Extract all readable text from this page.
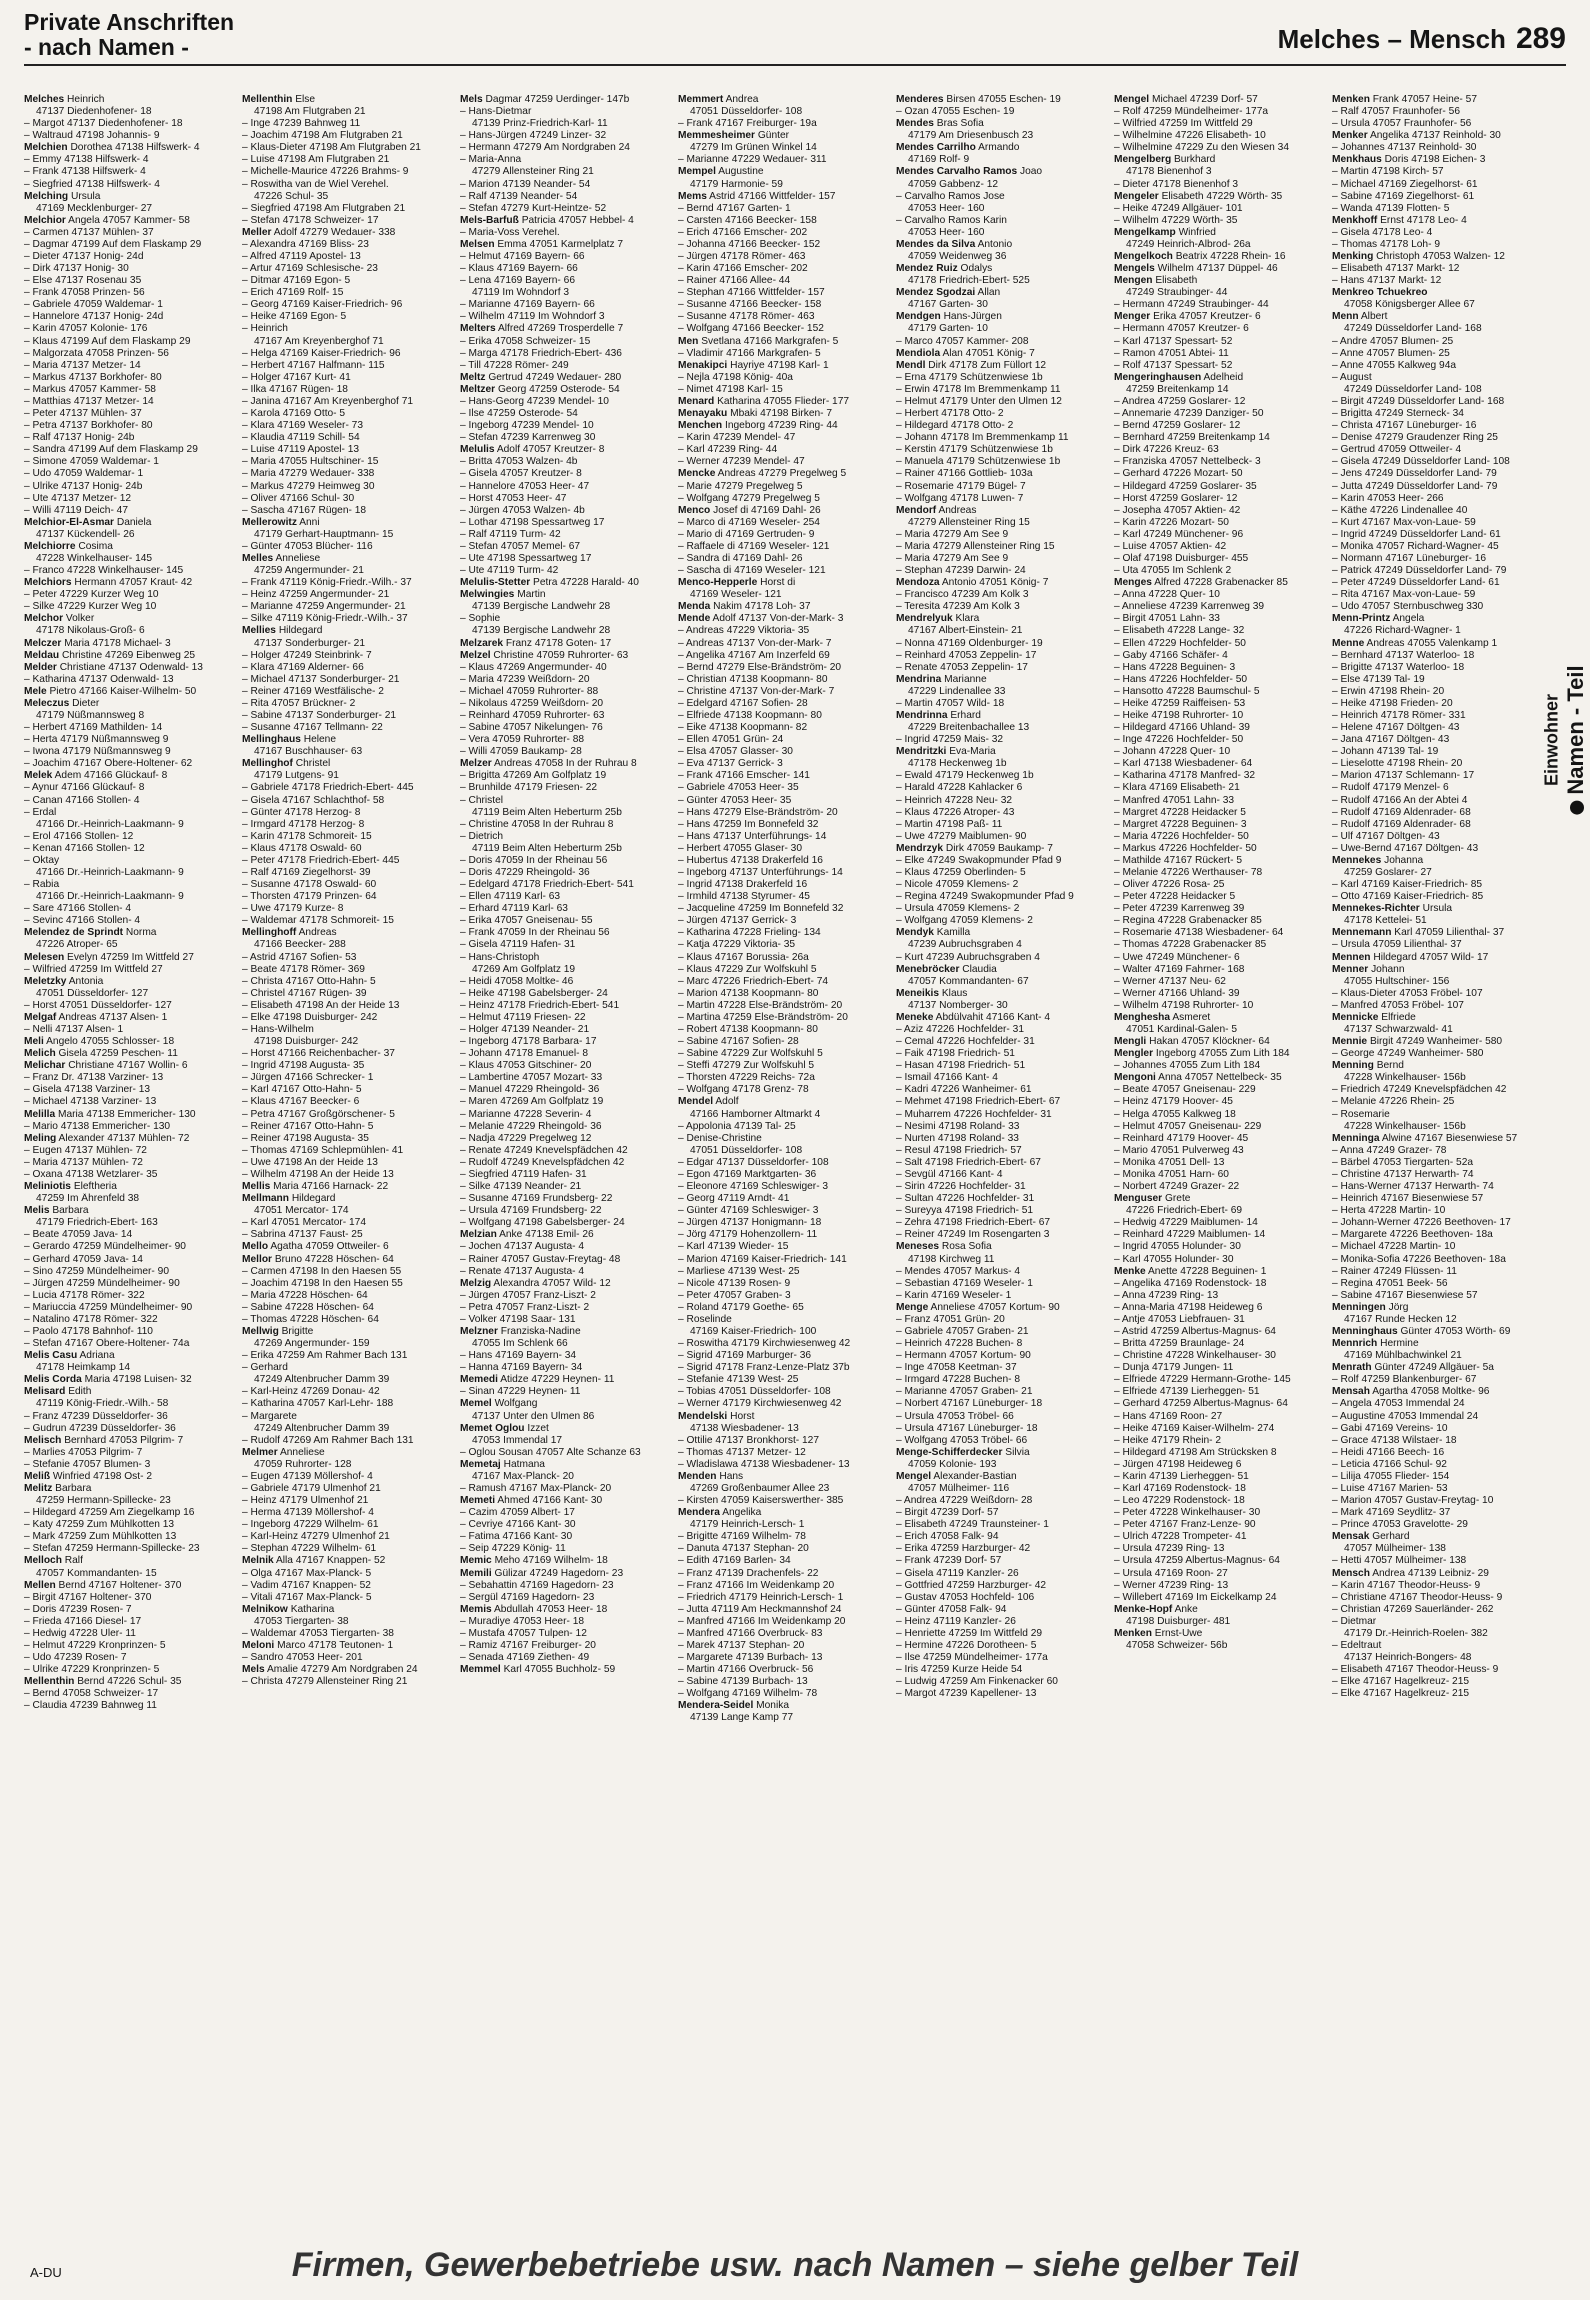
Private Anschriften
- nach Namen -	Melches – Mensch 289
Melches Heinrich
47137 Diedenhofener- 18
– Margot 47137 Diedenhofener- 18
– Waltraud 47198 Johannis- 9
Melchien Dorothea 47138 Hilfswerk- 4
– Emmy 47138 Hilfswerk- 4
– Frank 47138 Hilfswerk- 4
– Siegfried 47138 Hilfswerk- 4
Melching Ursula
47169 Mecklenburger- 27
Melchior Angela 47057 Kammer- 58
– Carmen 47137 Mühlen- 37
– Dagmar 47199 Auf dem Flaskamp 29
– Dieter 47137 Honig- 24d
– Dirk 47137 Honig- 30
– Else 47137 Rosenau 35
– Frank 47058 Prinzen- 56
– Gabriele 47059 Waldemar- 1
– Hannelore 47137 Honig- 24d
– Karin 47057 Kolonie- 176
– Klaus 47199 Auf dem Flaskamp 29
– Malgorzata 47058 Prinzen- 56
– Maria 47137 Metzer- 14
– Markus 47137 Borkhofer- 80
– Markus 47057 Kammer- 58
– Matthias 47137 Metzer- 14
– Peter 47137 Mühlen- 37
– Petra 47137 Borkhofer- 80
– Ralf 47137 Honig- 24b
– Sandra 47199 Auf dem Flaskamp 29
– Simone 47059 Waldemar- 1
– Udo 47059 Waldemar- 1
– Ulrike 47137 Honig- 24b
– Ute 47137 Metzer- 12
– Willi 47119 Deich- 47
Melchior-El-Asmar Daniela
47137 Kückendell- 26
Melchiorre Cosima
47228 Winkelhauser- 145
– Franco 47228 Winkelhauser- 145
Melchiors Hermann 47057 Kraut- 42
– Peter 47229 Kurzer Weg 10
– Silke 47229 Kurzer Weg 10
Melchor Volker
47178 Nikolaus-Groß- 6
Melczer Maria 47178 Michael- 3
Meldau Christine 47269 Eibenweg 25
Melder Christiane 47137 Odenwald- 13
– Katharina 47137 Odenwald- 13
Mele Pietro 47166 Kaiser-Wilhelm- 50
Meleczus Dieter
47179 Nüßmannsweg 8
– Herbert 47169 Mathilden- 14
– Herta 47179 Nüßmannsweg 9
– Iwona 47179 Nüßmannsweg 9
– Joachim 47167 Obere-Holtener- 62
Melek Adem 47166 Glückauf- 8
– Aynur 47166 Glückauf- 8
– Canan 47166 Stollen- 4
– Erdal
47166 Dr.-Heinrich-Laakmann- 9
– Erol 47166 Stollen- 12
– Kenan 47166 Stollen- 12
– Oktay
47166 Dr.-Heinrich-Laakmann- 9
– Rabia
47166 Dr.-Heinrich-Laakmann- 9
– Sare 47166 Stollen- 4
– Sevinc 47166 Stollen- 4
Melendez de Sprindt Norma
47226 Atroper- 65
Melesen Evelyn 47259 Im Wittfeld 27
– Wilfried 47259 Im Wittfeld 27
Meletzky Antonia
47051 Düsseldorfer- 127
– Horst 47051 Düsseldorfer- 127
Melgaf Andreas 47137 Alsen- 1
– Nelli 47137 Alsen- 1
Meli Angelo 47055 Schlosser- 18
Melich Gisela 47259 Peschen- 11
Melichar Christiane 47167 Wollin- 6
– Franz Dr. 47138 Varziner- 13
– Gisela 47138 Varziner- 13
– Michael 47138 Varziner- 13
Melilla Maria 47138 Emmericher- 130
– Mario 47138 Emmericher- 130
Meling Alexander 47137 Mühlen- 72
– Eugen 47137 Mühlen- 72
– Maria 47137 Mühlen- 72
– Oxana 47138 Wetzlarer- 35
Meliniotis Eleftheria
47259 Im Ährenfeld 38
Melis Barbara
47179 Friedrich-Ebert- 163
– Beate 47059 Java- 14
– Gerardo 47259 Mündelheimer- 90
– Gerhard 47059 Java- 14
– Sino 47259 Mündelheimer- 90
– Jürgen 47259 Mündelheimer- 90
– Lucia 47178 Römer- 322
– Mariuccia 47259 Mündelheimer- 90
– Natalino 47178 Römer- 322
– Paolo 47178 Bahnhof- 110
– Stefan 47167 Obere-Holtener- 74a
Melis Casu Adriana
47178 Heimkamp 14
Melis Corda Maria 47198 Luisen- 32
Melisard Edith
47119 König-Friedr.-Wilh.- 58
– Franz 47239 Düsseldorfer- 36
– Gudrun 47239 Düsseldorfer- 36
Melisch Bernhard 47053 Pilgrim- 7
– Marlies 47053 Pilgrim- 7
– Stefanie 47057 Blumen- 3
Meliß Winfried 47198 Ost- 2
Melitz Barbara
47259 Hermann-Spillecke- 23
– Hildegard 47259 Am Ziegelkamp 16
– Katy 47259 Zum Mühlkotten 13
– Mark 47259 Zum Mühlkotten 13
– Stefan 47259 Hermann-Spillecke- 23
Melloch Ralf
47057 Kommandanten- 15
Mellen Bernd 47167 Holtener- 370
– Birgit 47167 Holtener- 370
– Doris 47239 Rosen- 7
– Frieda 47166 Diesel- 17
– Hedwig 47228 Uler- 11
– Helmut 47229 Kronprinzen- 5
– Udo 47239 Rosen- 7
– Ulrike 47229 Kronprinzen- 5
Mellenthin Bernd 47226 Schul- 35
– Bernd 47058 Schweizer- 17
– Claudia 47239 Bahnweg 11
Mellenthin Else
47198 Am Flutgraben 21
– Inge 47239 Bahnweg 11
– Joachim 47198 Am Flutgraben 21
– Klaus-Dieter 47198 Am Flutgraben 21
– Luise 47198 Am Flutgraben 21
– Michelle-Maurice 47226 Brahms- 9
– Roswitha van de Wiel Verehel.
47226 Schul- 35
– Siegfried 47198 Am Flutgraben 21
– Stefan 47178 Schweizer- 17
Meller Adolf 47279 Wedauer- 338
– Alexandra 47169 Bliss- 23
– Alfred 47119 Apostel- 13
– Artur 47169 Schlesische- 23
– Ditmar 47169 Egon- 5
– Erich 47169 Rolf- 15
– Georg 47169 Kaiser-Friedrich- 96
– Heike 47169 Egon- 5
– Heinrich
47167 Am Kreyenberghof 71
– Helga 47169 Kaiser-Friedrich- 96
– Herbert 47167 Halfmann- 115
– Holger 47167 Kurt- 41
– Ilka 47167 Rügen- 18
– Janina 47167 Am Kreyenberghof 71
– Karola 47169 Otto- 5
– Klara 47169 Weseler- 73
– Klaudia 47119 Schill- 54
– Luise 47119 Apostel- 13
– Maria 47055 Hultschiner- 15
– Maria 47279 Wedauer- 338
– Markus 47279 Heimweg 30
– Oliver 47166 Schul- 30
– Sascha 47167 Rügen- 18
Mellerowitz Anni
47179 Gerhart-Hauptmann- 15
– Günter 47053 Blücher- 116
Melles Anneliese
47259 Angermunder- 21
– Frank 47119 König-Friedr.-Wilh.- 37
– Heinz 47259 Angermunder- 21
– Marianne 47259 Angermunder- 21
– Silke 47119 König-Friedr.-Wilh.- 37
Mellies Hildegard
47137 Sonderburger- 21
– Holger 47249 Steinbrink- 7
– Klara 47169 Alderner- 66
– Michael 47137 Sonderburger- 21
– Reiner 47169 Westfälische- 2
– Rita 47057 Brückner- 2
– Sabine 47137 Sonderburger- 21
– Susanne 47167 Tellmann- 22
Mellinghaus Helene
47167 Buschhauser- 63
Mellinghof Christel
47179 Lutgens- 91
– Gabriele 47178 Friedrich-Ebert- 445
– Gisela 47167 Schlachthof- 58
– Günter 47178 Herzog- 8
– Irmgard 47178 Herzog- 8
– Karin 47178 Schmoreit- 15
– Klaus 47178 Oswald- 60
– Peter 47178 Friedrich-Ebert- 445
– Ralf 47169 Ziegelhorst- 39
– Susanne 47178 Oswald- 60
– Thorsten 47179 Prinzen- 64
– Uwe 47179 Kurze- 8
– Waldemar 47178 Schmoreit- 15
Mellinghoff Andreas
47166 Beecker- 288
– Astrid 47167 Sofien- 53
– Beate 47178 Römer- 369
– Christa 47167 Otto-Hahn- 5
– Christel 47167 Rügen- 39
– Elisabeth 47198 An der Heide 13
– Elke 47198 Duisburger- 242
– Hans-Wilhelm
47198 Duisburger- 242
– Horst 47166 Reichenbacher- 37
– Ingrid 47198 Augusta- 35
– Jürgen 47166 Schrecker- 1
– Karl 47167 Otto-Hahn- 5
– Klaus 47167 Beecker- 6
– Petra 47167 Großgörschener- 5
– Reiner 47167 Otto-Hahn- 5
– Reiner 47198 Augusta- 35
– Thomas 47169 Schlepmühlen- 41
– Uwe 47198 An der Heide 13
– Wilhelm 47198 An der Heide 13
Mellis Maria 47166 Harnack- 22
Mellmann Hildegard
47051 Mercator- 174
– Karl 47051 Mercator- 174
– Sabrina 47137 Faust- 25
Mello Agatha 47059 Ottweiler- 6
Mellor Bruno 47228 Höschen- 64
– Carmen 47198 In den Haesen 55
– Joachim 47198 In den Haesen 55
– Maria 47228 Höschen- 64
– Sabine 47228 Höschen- 64
– Thomas 47228 Höschen- 64
Mellwig Brigitte
47269 Angermunder- 159
– Erika 47259 Am Rahmer Bach 131
– Gerhard
47249 Altenbrucher Damm 39
– Karl-Heinz 47269 Donau- 42
– Katharina 47057 Karl-Lehr- 188
– Margarete
47249 Altenbrucher Damm 39
– Rudolf 47269 Am Rahmer Bach 131
Melmer Anneliese
47059 Ruhrorter- 128
– Eugen 47139 Möllershof- 4
– Gabriele 47179 Ulmenhof 21
– Heinz 47179 Ulmenhof 21
– Herma 47139 Möllershof- 4
– Ingeborg 47229 Wilhelm- 61
– Karl-Heinz 47279 Ulmenhof 21
– Stephan 47229 Wilhelm- 61
Melnik Alla 47167 Knappen- 52
– Olga 47167 Max-Planck- 5
– Vadim 47167 Knappen- 52
– Vitali 47167 Max-Planck- 5
Melnikow Katharina
47053 Tiergarten- 38
– Waldemar 47053 Tiergarten- 38
Meloni Marco 47178 Teutonen- 1
– Sandro 47053 Heer- 201
Mels Amalie 47279 Am Nordgraben 24
– Christa 47279 Allensteiner Ring 21
Mels Dagmar 47259 Uerdinger- 147b
– Hans-Dietmar
47139 Prinz-Friedrich-Karl- 11
– Hans-Jürgen 47249 Linzer- 32
– Hermann 47279 Am Nordgraben 24
– Maria-Anna
47279 Allensteiner Ring 21
– Marion 47139 Neander- 54
– Ralf 47139 Neander- 54
– Stefan 47279 Kurt-Heintze- 52
Mels-Barfuß Patricia 47057 Hebbel- 4
– Maria-Voss Verehel.
Melsen Emma 47051 Karmelplatz 7
– Helmut 47169 Bayern- 66
– Klaus 47169 Bayern- 66
– Lena 47169 Bayern- 66
47119 Im Wohndorf 3
– Marianne 47169 Bayern- 66
– Wilhelm 47119 Im Wohndorf 3
Melters Alfred 47269 Trosperdelle 7
– Erika 47058 Schweizer- 15
– Marga 47178 Friedrich-Ebert- 436
– Till 47228 Römer- 249
Meltz Gertrud 47249 Wedauer- 280
Meltzer Georg 47259 Osterode- 54
– Hans-Georg 47239 Mendel- 10
– Ilse 47259 Osterode- 54
– Ingeborg 47239 Mendel- 10
– Stefan 47239 Karrenweg 30
Melulis Adolf 47057 Kreutzer- 8
– Britta 47053 Walzen- 4b
– Gisela 47057 Kreutzer- 8
– Hannelore 47053 Heer- 47
– Horst 47053 Heer- 47
– Jürgen 47053 Walzen- 4b
– Lothar 47198 Spessartweg 17
– Ralf 47119 Turm- 42
– Stefan 47057 Memel- 67
– Ute 47198 Spessartweg 17
– Ute 47119 Turm- 42
Melulis-Stetter Petra 47228 Harald- 40
Melwingies Martin
47139 Bergische Landwehr 28
– Sophie
47139 Bergische Landwehr 28
Melzarek Franz 47178 Goten- 17
Melzel Christine 47059 Ruhrorter- 63
– Klaus 47269 Angermunder- 40
– Maria 47239 Weißdorn- 20
– Michael 47059 Ruhrorter- 88
– Nikolaus 47259 Weißdorn- 20
– Reinhard 47059 Ruhrorter- 63
– Sabine 47057 Nikelungen- 76
– Vera 47059 Ruhrorter- 88
– Willi 47059 Baukamp- 28
Melzer Andreas 47058 In der Ruhrau 8
– Brigitta 47269 Am Golfplatz 19
– Brunhilde 47179 Friesen- 22
– Christel
47119 Beim Alten Heberturm 25b
– Christine 47058 In der Ruhrau 8
– Dietrich
47119 Beim Alten Heberturm 25b
– Doris 47059 In der Rheinau 56
– Doris 47229 Rheingold- 36
– Edelgard 47178 Friedrich-Ebert- 541
– Ellen 47119 Karl- 63
– Erhard 47119 Karl- 63
– Erika 47057 Gneisenau- 55
– Frank 47059 In der Rheinau 56
– Gisela 47119 Hafen- 31
– Hans-Christoph
47269 Am Golfplatz 19
– Heidi 47058 Moltke- 46
– Heike 47198 Gabelsberger- 24
– Heinz 47178 Friedrich-Ebert- 541
– Helmut 47119 Friesen- 22
– Holger 47139 Neander- 21
– Ingeborg 47178 Barbara- 17
– Johann 47178 Emanuel- 8
– Klaus 47053 Gitschiner- 20
– Lambertine 47057 Mozart- 33
– Manuel 47229 Rheingold- 36
– Maren 47269 Am Golfplatz 19
– Marianne 47228 Severin- 4
– Melanie 47229 Rheingold- 36
– Nadja 47229 Pregelweg 12
– Renate 47249 Knevelspfädchen 42
– Rudolf 47249 Knevelspfädchen 42
– Siegfried 47119 Hafen- 31
– Silke 47139 Neander- 21
– Susanne 47169 Frundsberg- 22
– Ursula 47169 Frundsberg- 22
– Wolfgang 47198 Gabelsberger- 24
Melzian Anke 47138 Emil- 26
– Jochen 47137 Augusta- 4
– Rainer 47057 Gustav-Freytag- 48
– Renate 47137 Augusta- 4
Melzig Alexandra 47057 Wild- 12
– Jürgen 47057 Franz-Liszt- 2
– Petra 47057 Franz-Liszt- 2
– Volker 47198 Saar- 131
Melzner Franziska-Nadine
47055 Im Schlenk 66
– Hans 47169 Bayern- 34
– Hanna 47169 Bayern- 34
Memedi Atidze 47229 Heynen- 11
– Sinan 47229 Heynen- 11
Memel Wolfgang
47137 Unter den Ulmen 86
Memet Oglou Izzet
47053 Immendal 17
– Oglou Sousan 47057 Alte Schanze 63
Memetaj Hatmana
47167 Max-Planck- 20
– Ramush 47167 Max-Planck- 20
Memeti Ahmed 47166 Kant- 30
– Cazim 47059 Albert- 17
– Cevriye 47166 Kant- 30
– Fatima 47166 Kant- 30
– Seip 47229 König- 11
Memic Meho 47169 Wilhelm- 18
Memili Gülizar 47249 Hagedorn- 23
– Sebahattin 47169 Hagedorn- 23
– Sergül 47169 Hagedorn- 23
Memis Abdullah 47053 Heer- 18
– Muradiye 47053 Heer- 18
– Mustafa 47057 Tulpen- 12
– Ramiz 47167 Freiburger- 20
– Senada 47169 Ziethen- 49
Memmel Karl 47055 Buchholz- 59
Memmert Andrea
47051 Düsseldorfer- 108
– Frank 47167 Freiburger- 19a
Memmesheimer Günter
47279 Im Grünen Winkel 14
– Marianne 47229 Wedauer- 311
Mempel Augustine
47179 Harmonie- 59
Mems Astrid 47166 Wittfelder- 157
– Bernd 47167 Garten- 1
– Carsten 47166 Beecker- 158
– Erich 47166 Emscher- 202
– Johanna 47166 Beecker- 152
– Jürgen 47178 Römer- 463
– Karin 47166 Emscher- 202
– Rainer 47166 Allee- 44
– Stephan 47166 Wittfelder- 157
– Susanne 47166 Beecker- 158
– Susanne 47178 Römer- 463
– Wolfgang 47166 Beecker- 152
Men Svetlana 47166 Markgrafen- 5
– Vladimir 47166 Markgrafen- 5
Menakipci Hayriye 47198 Karl- 1
– Nejla 47198 König- 40a
– Nimet 47198 Karl- 15
Menard Katharina 47055 Flieder- 177
Menayaku Mbaki 47198 Birken- 7
Menchen Ingeborg 47239 Ring- 44
– Karin 47239 Mendel- 47
– Karl 47239 Ring- 44
– Werner 47239 Mendel- 47
Mencke Andreas 47279 Pregelweg 5
– Marie 47279 Pregelweg 5
– Wolfgang 47279 Pregelweg 5
Menco Josef di 47169 Dahl- 26
– Marco di 47169 Weseler- 254
– Mario di 47169 Gertruden- 9
– Raffaele di 47169 Weseler- 121
– Sandra di 47169 Dahl- 26
– Sascha di 47169 Weseler- 121
Menco-Hepperle Horst di
47169 Weseler- 121
Menda Nakim 47178 Loh- 37
Mende Adolf 47137 Von-der-Mark- 3
– Andreas 47229 Viktoria- 35
– Andreas 47137 Von-der-Mark- 7
– Angelika 47167 Am Inzerfeld 69
– Bernd 47279 Else-Brändström- 20
– Christian 47138 Koopmann- 80
– Christine 47137 Von-der-Mark- 7
– Edelgard 47167 Sofien- 28
– Elfriede 47138 Koopmann- 80
– Eike 47138 Koopmann- 82
– Ellen 47051 Grün- 24
– Elsa 47057 Glasser- 30
– Eva 47137 Gerrick- 3
– Frank 47166 Emscher- 141
– Gabriele 47053 Heer- 35
– Günter 47053 Heer- 35
– Hans 47279 Else-Brändström- 20
– Hans 47259 Im Bonnefeld 32
– Hans 47137 Unterführungs- 14
– Herbert 47055 Glaser- 30
– Hubertus 47138 Drakerfeld 16
– Ingeborg 47137 Unterführungs- 14
– Ingrid 47138 Drakerfeld 16
– Irmhild 47138 Styrumer- 45
– Jacqueline 47259 Im Bonnefeld 32
– Jürgen 47137 Gerrick- 3
– Katharina 47228 Frieling- 134
– Katja 47229 Viktoria- 35
– Klaus 47167 Borussia- 26a
– Klaus 47229 Zur Wolfskuhl 5
– Marc 47226 Friedrich-Ebert- 74
– Marion 47138 Koopmann- 80
– Martin 47228 Else-Brändström- 20
– Martina 47259 Else-Brändström- 20
– Robert 47138 Koopmann- 80
– Sabine 47167 Sofien- 28
– Sabine 47229 Zur Wolfskuhl 5
– Steffi 47279 Zur Wolfskuhl 5
– Thorsten 47229 Reichs- 72a
– Wolfgang 47178 Grenz- 78
Mendel Adolf
47166 Hamborner Altmarkt 4
– Appolonia 47139 Tal- 25
– Denise-Christine
47051 Düsseldorfer- 108
– Edgar 47137 Düsseldorfer- 108
– Egon 47169 Marktgarten- 36
– Eleonore 47169 Schleswiger- 3
– Georg 47119 Arndt- 41
– Günter 47169 Schleswiger- 3
– Jürgen 47137 Honigmann- 18
– Jörg 47179 Hohenzollern- 11
– Karl 47139 Wieder- 15
– Marion 47169 Kaiser-Friedrich- 141
– Marliese 47139 West- 25
– Nicole 47139 Rosen- 9
– Peter 47057 Graben- 3
– Roland 47179 Goethe- 65
– Roselinde
47169 Kaiser-Friedrich- 100
– Roswitha 47179 Kirchwiesenweg 42
– Sigrid 47169 Marburger- 36
– Sigrid 47178 Franz-Lenze-Platz 37b
– Stefanie 47139 West- 25
– Tobias 47051 Düsseldorfer- 108
– Werner 47179 Kirchwiesenweg 42
Mendelski Horst
47138 Wiesbadener- 13
– Ottilie 47137 Bronkhorst- 127
– Thomas 47137 Metzer- 12
– Wladislawa 47138 Wiesbadener- 13
Menden Hans
47269 Großenbaumer Allee 23
– Kirsten 47059 Kaiserswerther- 385
Mendera Angelika
47179 Heinrich-Lersch- 1
– Brigitte 47169 Wilhelm- 78
– Danuta 47137 Stephan- 20
– Edith 47169 Barlen- 34
– Franz 47139 Drachenfels- 22
– Franz 47166 Im Weidenkamp 20
– Friedrich 47179 Heinrich-Lersch- 1
– Jutta 47119 Am Heckmannshof 24
– Manfred 47166 Im Weidenkamp 20
– Manfred 47166 Overbruck- 83
– Marek 47137 Stephan- 20
– Margarete 47139 Burbach- 13
– Martin 47166 Overbruck- 56
– Sabine 47139 Burbach- 13
– Wolfgang 47169 Wilhelm- 78
Mendera-Seidel Monika
47139 Lange Kamp 77
Menderes Birsen 47055 Eschen- 19
– Ozan 47055 Eschen- 19
Mendes Bras Sofia
47179 Am Driesenbusch 23
Mendes Carrilho Armando
47169 Rolf- 9
Mendes Carvalho Ramos Joao
47059 Gabbenz- 12
– Carvalho Ramos Jose
47053 Heer- 160
– Carvalho Ramos Karin
47053 Heer- 160
Mendes da Silva Antonio
47059 Weidenweg 36
Mendez Ruiz Odalys
47178 Friedrich-Ebert- 525
Mendez Sgodzai Allan
47167 Garten- 30
Mendgen Hans-Jürgen
47179 Garten- 10
– Marco 47057 Kammer- 208
Mendiola Alan 47051 König- 7
Mendl Dirk 47178 Zum Füllort 12
– Erna 47179 Schützenwiese 1b
– Erwin 47178 Im Bremmenkamp 11
– Helmut 47179 Unter den Ulmen 12
– Herbert 47178 Otto- 2
– Hildegard 47178 Otto- 2
– Johann 47178 Im Bremmenkamp 11
– Kerstin 47179 Schützenwiese 1b
– Manuela 47179 Schützenwiese 1b
– Rainer 47166 Gottlieb- 103a
– Rosemarie 47179 Bügel- 7
– Wolfgang 47178 Luwen- 7
Mendorf Andreas
47279 Allensteiner Ring 15
– Maria 47279 Am See 9
– Maria 47279 Allensteiner Ring 15
– Maria 47279 Am See 9
– Stephan 47239 Darwin- 24
Mendoza Antonio 47051 König- 7
– Francisco 47239 Am Kolk 3
– Teresita 47239 Am Kolk 3
Mendrelyuk Klara
47167 Albert-Einstein- 21
– Nonna 47169 Oldenburger- 19
– Reinhard 47053 Zeppelin- 17
– Renate 47053 Zeppelin- 17
Mendrina Marianne
47229 Lindenallee 33
– Martin 47057 Wild- 18
Mendrinna Erhard
47229 Breitenbachallee 13
– Ingrid 47259 Mais- 32
Mendritzki Eva-Maria
47178 Heckenweg 1b
– Ewald 47179 Heckenweg 1b
– Harald 47228 Kahlacker 6
– Heinrich 47228 Neu- 32
– Klaus 47226 Atroper- 43
– Martin 47198 Paß- 11
– Uwe 47279 Maiblumen- 90
Mendrzyk Dirk 47059 Baukamp- 7
– Elke 47249 Swakopmunder Pfad 9
– Klaus 47259 Oberlinden- 5
– Nicole 47059 Klemens- 2
– Regina 47249 Swakopmunder Pfad 9
– Ursula 47059 Klemens- 2
– Wolfgang 47059 Klemens- 2
Mendyk Kamilla
47239 Aubruchsgraben 4
– Kurt 47239 Aubruchsgraben 4
Menebröcker Claudia
47057 Kommandanten- 67
Meneikis Klaus
47137 Nomberger- 30
Meneke Abdülvahit 47166 Kant- 4
– Aziz 47226 Hochfelder- 31
– Cemal 47226 Hochfelder- 31
– Faik 47198 Friedrich- 51
– Hasan 47198 Friedrich- 51
– Ismail 47166 Kant- 4
– Kadri 47226 Wanheimer- 61
– Mehmet 47198 Friedrich-Ebert- 67
– Muharrem 47226 Hochfelder- 31
– Nesimi 47198 Roland- 33
– Nurten 47198 Roland- 33
– Resul 47198 Friedrich- 57
– Salt 47198 Friedrich-Ebert- 67
– Sevgül 47166 Kant- 4
– Sirin 47226 Hochfelder- 31
– Sultan 47226 Hochfelder- 31
– Sureyya 47198 Friedrich- 51
– Zehra 47198 Friedrich-Ebert- 67
– Reiner 47249 Im Rosengarten 3
Meneses Rosa Sofia
47198 Kirchweg 11
– Mendes 47057 Markus- 4
– Sebastian 47169 Weseler- 1
– Karin 47169 Weseler- 1
Menge Anneliese 47057 Kortum- 90
– Franz 47051 Grün- 20
– Gabriele 47057 Graben- 21
– Heinrich 47228 Buchen- 8
– Hermann 47057 Kortum- 90
– Inge 47058 Keetman- 37
– Irmgard 47228 Buchen- 8
– Marianne 47057 Graben- 21
– Norbert 47167 Lüneburger- 18
– Ursula 47053 Tröbel- 66
– Ursula 47167 Lüneburger- 18
– Wolfgang 47053 Tröbel- 66
Menge-Schifferdecker Silvia
47059 Kolonie- 193
Mengel Alexander-Bastian
47057 Mülheimer- 116
– Andrea 47229 Weißdorn- 28
– Birgit 47239 Dorf- 57
– Elisabeth 47249 Traunsteiner- 1
– Erich 47058 Falk- 94
– Erika 47259 Harzburger- 42
– Frank 47239 Dorf- 57
– Gisela 47119 Kanzler- 26
– Gottfried 47259 Harzburger- 42
– Gustav 47053 Hochfeld- 106
– Günter 47058 Falk- 94
– Heinz 47119 Kanzler- 26
– Henriette 47259 Im Wittfeld 29
– Hermine 47226 Dorotheen- 5
– Ilse 47259 Mündelheimer- 177a
– Iris 47259 Kurze Heide 54
– Ludwig 47259 Am Finkenacker 60
– Margot 47239 Kapellener- 13
Mengel Michael 47239 Dorf- 57
– Rolf 47259 Mündelheimer- 177a
– Wilfried 47259 Im Wittfeld 29
– Wilhelmine 47226 Elisabeth- 10
– Wilhelmine 47229 Zu den Wiesen 34
Mengelberg Burkhard
47178 Bienenhof 3
– Dieter 47178 Bienenhof 3
Mengeler Elisabeth 47229 Wörth- 35
– Heike 47249 Allgäuer- 101
– Wilhelm 47229 Wörth- 35
Mengelkamp Winfried
47249 Heinrich-Albrod- 26a
Mengelkoch Beatrix 47228 Rhein- 16
Mengels Wilhelm 47137 Düppel- 46
Mengen Elisabeth
47249 Straubinger- 44
– Hermann 47249 Straubinger- 44
Menger Erika 47057 Kreutzer- 6
– Hermann 47057 Kreutzer- 6
– Karl 47137 Spessart- 52
– Ramon 47051 Abtei- 11
– Rolf 47137 Spessart- 52
Mengeringhausen Adelheid
47259 Breitenkamp 14
– Andrea 47259 Goslarer- 12
– Annemarie 47239 Danziger- 50
– Bernd 47259 Goslarer- 12
– Bernhard 47259 Breitenkamp 14
– Dirk 47226 Kreuz- 63
– Franziska 47057 Nettelbeck- 3
– Gerhard 47226 Mozart- 50
– Hildegard 47259 Goslarer- 35
– Horst 47259 Goslarer- 12
– Josepha 47057 Aktien- 42
– Karin 47226 Mozart- 50
– Karl 47249 Münchener- 96
– Luise 47057 Aktien- 42
– Olaf 47198 Duisburger- 455
– Uta 47055 Im Schlenk 2
Menges Alfred 47228 Grabenacker 85
– Anna 47228 Quer- 10
– Anneliese 47239 Karrenweg 39
– Birgit 47051 Lahn- 33
– Elisabeth 47228 Lange- 32
– Ellen 47229 Hochfelder- 50
– Gaby 47166 Schäfer- 4
– Hans 47228 Beguinen- 3
– Hans 47226 Hochfelder- 50
– Hansotto 47228 Baumschul- 5
– Heike 47259 Raiffeisen- 53
– Heike 47198 Ruhrorter- 10
– Hildegard 47166 Uhland- 39
– Inge 47226 Hochfelder- 50
– Johann 47228 Quer- 10
– Karl 47138 Wiesbadener- 64
– Katharina 47178 Manfred- 32
– Klara 47169 Elisabeth- 21
– Manfred 47051 Lahn- 33
– Margret 47228 Heidacker 5
– Margret 47228 Beguinen- 3
– Maria 47226 Hochfelder- 50
– Markus 47226 Hochfelder- 50
– Mathilde 47167 Rückert- 5
– Melanie 47226 Werthauser- 78
– Oliver 47226 Rosa- 25
– Peter 47228 Heidacker 5
– Peter 47239 Karrenweg 39
– Regina 47228 Grabenacker 85
– Rosemarie 47138 Wiesbadener- 64
– Thomas 47228 Grabenacker 85
– Uwe 47249 Münchener- 6
– Walter 47169 Fahrner- 168
– Werner 47137 Neu- 62
– Werner 47166 Uhland- 39
– Wilhelm 47198 Ruhrorter- 10
Menghesha Asmeret
47051 Kardinal-Galen- 5
Mengli Hakan 47057 Klöckner- 64
Mengler Ingeborg 47055 Zum Lith 184
– Johannes 47055 Zum Lith 184
Mengoni Anna 47057 Nettelbeck- 35
– Beate 47057 Gneisenau- 229
– Heinz 47179 Hoover- 45
– Helga 47055 Kalkweg 18
– Helmut 47057 Gneisenau- 229
– Reinhard 47179 Hoover- 45
– Mario 47051 Pulverweg 43
– Monika 47051 Dell- 13
– Monika 47051 Harn- 60
– Norbert 47249 Grazer- 22
Menguser Grete
47226 Friedrich-Ebert- 69
– Hedwig 47229 Maiblumen- 14
– Reinhard 47229 Maiblumen- 14
– Ingrid 47055 Holunder- 30
– Karl 47055 Holunder- 30
Menke Anette 47228 Beguinen- 1
– Angelika 47169 Rodenstock- 18
– Anna 47239 Ring- 13
– Anna-Maria 47198 Heideweg 6
– Antje 47053 Liebfrauen- 31
– Astrid 47259 Albertus-Magnus- 64
– Britta 47259 Braunlage- 24
– Christine 47228 Winkelhauser- 30
– Dunja 47179 Jungen- 11
– Elfriede 47229 Hermann-Grothe- 145
– Elfriede 47139 Lierheggen- 51
– Gerhard 47259 Albertus-Magnus- 64
– Hans 47169 Roon- 27
– Heike 47169 Kaiser-Wilhelm- 274
– Heike 47179 Rhein- 2
– Hildegard 47198 Am Strücksken 8
– Jürgen 47198 Heideweg 6
– Karin 47139 Lierheggen- 51
– Karl 47169 Rodenstock- 18
– Leo 47229 Rodenstock- 18
– Peter 47228 Winkelhauser- 30
– Peter 47167 Franz-Lenze- 90
– Ulrich 47228 Trompeter- 41
– Ursula 47239 Ring- 13
– Ursula 47259 Albertus-Magnus- 64
– Ursula 47169 Roon- 27
– Werner 47239 Ring- 13
– Willebert 47169 Im Eickelkamp 24
Menke-Hopf Anke
47198 Duisburger- 481
Menken Ernst-Uwe
47058 Schweizer- 56b
Menken Frank 47057 Heine- 57
– Ralf 47057 Fraunhofer- 56
– Ursula 47057 Fraunhofer- 56
Menker Angelika 47137 Reinhold- 30
– Johannes 47137 Reinhold- 30
Menkhaus Doris 47198 Eichen- 3
– Martin 47198 Kirch- 57
– Michael 47169 Ziegelhorst- 61
– Sabine 47169 Ziegelhorst- 61
– Wanda 47139 Flotten- 5
Menkhoff Ernst 47178 Leo- 4
– Gisela 47178 Leo- 4
– Thomas 47178 Loh- 9
Menking Christoph 47053 Walzen- 12
– Elisabeth 47137 Markt- 12
– Hans 47137 Markt- 12
Menkreo Tchuekreo
47058 Königsberger Allee 67
Menn Albert
47249 Düsseldorfer Land- 168
– Andre 47057 Blumen- 25
– Anne 47057 Blumen- 25
– Anne 47055 Kalkweg 94a
– August
47249 Düsseldorfer Land- 108
– Birgit 47249 Düsseldorfer Land- 168
– Brigitta 47249 Sterneck- 34
– Christa 47167 Lüneburger- 16
– Denise 47279 Graudenzer Ring 25
– Gertrud 47059 Ottweiler- 4
– Gisela 47249 Düsseldorfer Land- 108
– Jens 47249 Düsseldorfer Land- 79
– Jutta 47249 Düsseldorfer Land- 79
– Karin 47053 Heer- 266
– Käthe 47226 Lindenallee 40
– Kurt 47167 Max-von-Laue- 59
– Ingrid 47249 Düsseldorfer Land- 61
– Monika 47057 Richard-Wagner- 45
– Normann 47167 Lüneburger- 16
– Patrick 47249 Düsseldorfer Land- 79
– Peter 47249 Düsseldorfer Land- 61
– Rita 47167 Max-von-Laue- 59
– Udo 47057 Sternbuschweg 330
Menn-Printz Angela
47226 Richard-Wagner- 1
Menne Andreas 47055 Valenkamp 1
– Bernhard 47137 Waterloo- 18
– Brigitte 47137 Waterloo- 18
– Else 47139 Tal- 19
– Erwin 47198 Rhein- 20
– Heike 47198 Frieden- 20
– Heinrich 47178 Römer- 331
– Helene 47167 Döltgen- 43
– Jana 47167 Döltgen- 43
– Johann 47139 Tal- 19
– Lieselotte 47198 Rhein- 20
– Marion 47137 Schlemann- 17
– Rudolf 47179 Menzel- 6
– Rudolf 47166 An der Abtei 4
– Rudolf 47169 Aldenrader- 68
– Rudolf 47169 Aldenrader- 68
– Ulf 47167 Döltgen- 43
– Uwe-Bernd 47167 Döltgen- 43
Mennekes Johanna
47259 Goslarer- 27
– Karl 47169 Kaiser-Friedrich- 85
– Otto 47169 Kaiser-Friedrich- 85
Mennekes-Richter Ursula
47178 Kettelei- 51
Mennemann Karl 47059 Lilienthal- 37
– Ursula 47059 Lilienthal- 37
Mennen Hildegard 47057 Wild- 17
Menner Johann
47055 Hultschiner- 156
– Klaus-Dieter 47053 Fröbel- 107
– Manfred 47053 Fröbel- 107
Mennicke Elfriede
47137 Schwarzwald- 41
Mennie Birgit 47249 Wanheimer- 580
– George 47249 Wanheimer- 580
Menning Bernd
47228 Winkelhauser- 156b
– Friedrich 47249 Knevelspfädchen 42
– Melanie 47226 Rhein- 25
– Rosemarie
47228 Winkelhauser- 156b
Menninga Alwine 47167 Biesenwiese 57
– Anna 47249 Grazer- 78
– Bärbel 47053 Tiergarten- 52a
– Christine 47137 Herwarth- 74
– Hans-Werner 47137 Herwarth- 74
– Heinrich 47167 Biesenwiese 57
– Herta 47228 Martin- 10
– Johann-Werner 47226 Beethoven- 17
– Margarete 47226 Beethoven- 18a
– Michael 47228 Martin- 10
– Monika-Sofia 47226 Beethoven- 18a
– Rainer 47249 Flüssen- 11
– Regina 47051 Beek- 56
– Sabine 47167 Biesenwiese 57
Menningen Jörg
47167 Runde Hecken 12
Menninghaus Günter 47053 Wörth- 69
Mennrich Hermine
47169 Mühlbachwinkel 21
Menrath Günter 47249 Allgäuer- 5a
– Rolf 47259 Blankenburger- 67
Mensah Agartha 47058 Moltke- 96
– Angela 47053 Immendal 24
– Augustine 47053 Immendal 24
– Gabi 47169 Vereins- 10
– Grace 47138 Wilstaer- 18
– Heidi 47166 Beech- 16
– Leticia 47166 Schul- 92
– Lilija 47055 Flieder- 154
– Luise 47167 Marien- 53
– Marion 47057 Gustav-Freytag- 10
– Mark 47169 Seydlitz- 37
– Prince 47053 Gravelotte- 29
Mensak Gerhard
47057 Mülheimer- 138
– Hetti 47057 Mülheimer- 138
Mensch Andrea 47139 Leibniz- 29
– Karin 47167 Theodor-Heuss- 9
– Christiane 47167 Theodor-Heuss- 9
– Christian 47269 Sauerländer- 262
– Dietmar
47179 Dr.-Heinrich-Roelen- 382
– Edeltraut
47137 Heinrich-Bongers- 48
– Elisabeth 47167 Theodor-Heuss- 9
– Elke 47167 Hagelkreuz- 215
– Elke 47167 Hagelkreuz- 215
Einwohner Namen - Teil
Firmen, Gewerbebetriebe usw. nach Namen – siehe gelber Teil
A-DU
